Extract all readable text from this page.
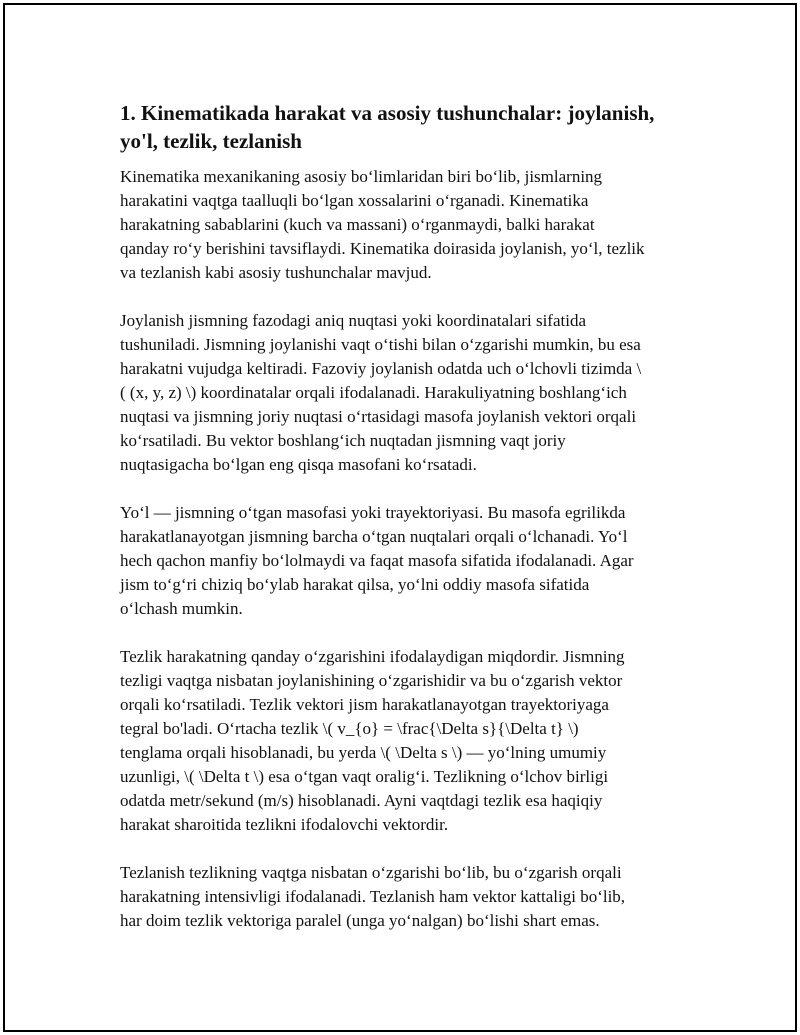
1. Kinematikada harakat va asosiy tushunchalar: joylanish,
yo'l, tezlik, tezlanish

Kinematika mexanikaning asosiy bo‘limlaridan biri bo‘lib, jismlarning
harakatini vaqtga taalluqli bo‘lgan xossalarini o‘rganadi. Kinematika
harakatning sabablarini (kuch va massani) o‘rganmaydi, balki harakat
qanday ro‘y berishini tavsiflaydi. Kinematika doirasida joylanish, yo‘l, tezlik
va tezlanish kabi asosiy tushunchalar mavjud.

Joylanish jismning fazodagi aniq nuqtasi yoki koordinatalari sifatida
tushuniladi. Jismning joylanishi vaqt o‘tishi bilan o‘zgarishi mumkin, bu esa
harakatni vujudga keltiradi. Fazoviy joylanish odatda uch o‘lchovli tizimda \
( (x, y, z) \) koordinatalar orqali ifodalanadi. Harakuliyatning boshlang‘ich
nuqtasi va jismning joriy nuqtasi o‘rtasidagi masofa joylanish vektori orqali
ko‘rsatiladi. Bu vektor boshlang‘ich nuqtadan jismning vaqt joriy
nuqtasigacha bo‘lgan eng qisqa masofani ko‘rsatadi.

Yo‘l — jismning o‘tgan masofasi yoki trayektoriyasi. Bu masofa egrilikda
harakatlanayotgan jismning barcha o‘tgan nuqtalari orqali o‘lchanadi. Yo‘l
hech qachon manfiy bo‘lolmaydi va faqat masofa sifatida ifodalanadi. Agar
jism to‘g‘ri chiziq bo‘ylab harakat qilsa, yo‘lni oddiy masofa sifatida
o‘lchash mumkin.

Tezlik harakatning qanday o‘zgarishini ifodalaydigan miqdordir. Jismning
tezligi vaqtga nisbatan joylanishining o‘zgarishidir va bu o‘zgarish vektor
orqali ko‘rsatiladi. Tezlik vektori jism harakatlanayotgan trayektoriyaga
tegral bo'ladi. O‘rtacha tezlik \( v_{o} = \frac{\Delta s}{\Delta t} \)
tenglama orqali hisoblanadi, bu yerda \( \Delta s \) — yo‘lning umumiy
uzunligi, \( \Delta t \) esa o‘tgan vaqt oralig‘i. Tezlikning o‘lchov birligi
odatda metr/sekund (m/s) hisoblanadi. Ayni vaqtdagi tezlik esa haqiqiy
harakat sharoitida tezlikni ifodalovchi vektordir.

Tezlanish tezlikning vaqtga nisbatan o‘zgarishi bo‘lib, bu o‘zgarish orqali
harakatning intensivligi ifodalanadi. Tezlanish ham vektor kattaligi bo‘lib,
har doim tezlik vektoriga paralel (unga yo‘nalgan) bo‘lishi shart emas.
